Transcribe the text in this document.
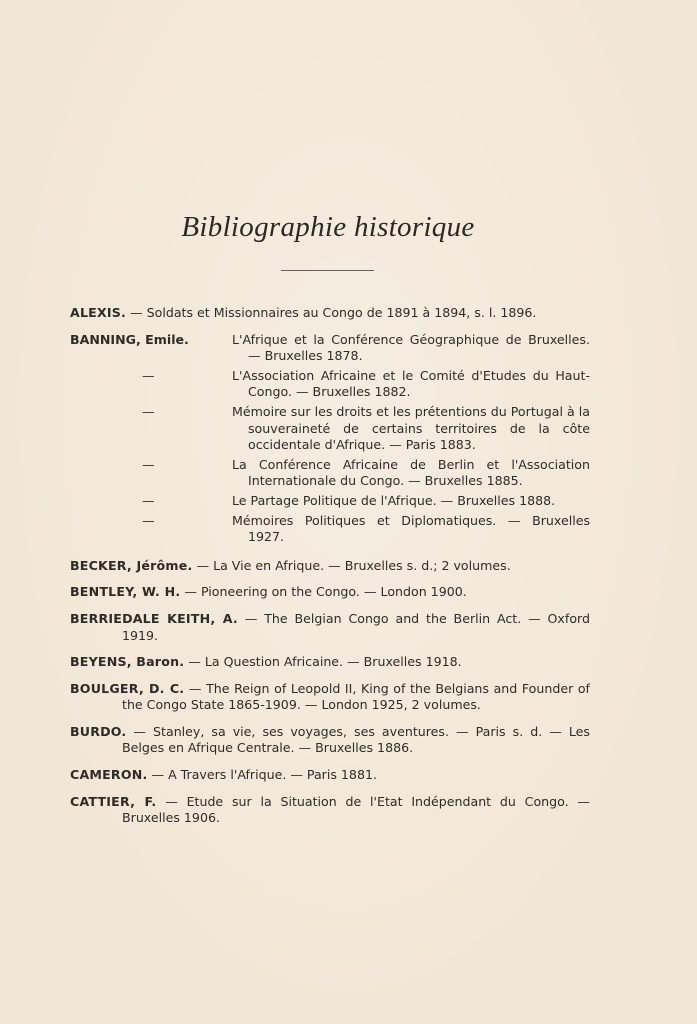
Bibliographie historique
ALEXIS. — Soldats et Missionnaires au Congo de 1891 à 1894, s. l. 1896.
BANNING, Emile.	L'Afrique et la Conférence Géographique de Bruxelles. — Bruxelles 1878.
—	L'Association Africaine et le Comité d'Etudes du Haut-Congo. — Bruxelles 1882.
—	Mémoire sur les droits et les prétentions du Portugal à la souveraineté de certains territoires de la côte occidentale d'Afrique. — Paris 1883.
—	La Conférence Africaine de Berlin et l'Association Internationale du Congo. — Bruxelles 1885.
—	Le Partage Politique de l'Afrique. — Bruxelles 1888.
—	Mémoires Politiques et Diplomatiques. — Bruxelles 1927.
BECKER, Jérôme. — La Vie en Afrique. — Bruxelles s. d.; 2 volumes.
BENTLEY, W. H. — Pioneering on the Congo. — London 1900.
BERRIEDALE KEITH, A. — The Belgian Congo and the Berlin Act. — Oxford 1919.
BEYENS, Baron. — La Question Africaine. — Bruxelles 1918.
BOULGER, D. C. — The Reign of Leopold II, King of the Belgians and Founder of the Congo State 1865-1909. — London 1925, 2 volumes.
BURDO. — Stanley, sa vie, ses voyages, ses aventures. — Paris s. d. — Les Belges en Afrique Centrale. — Bruxelles 1886.
CAMERON. — A Travers l'Afrique. — Paris 1881.
CATTIER, F. — Etude sur la Situation de l'Etat Indépendant du Congo. — Bruxelles 1906.
